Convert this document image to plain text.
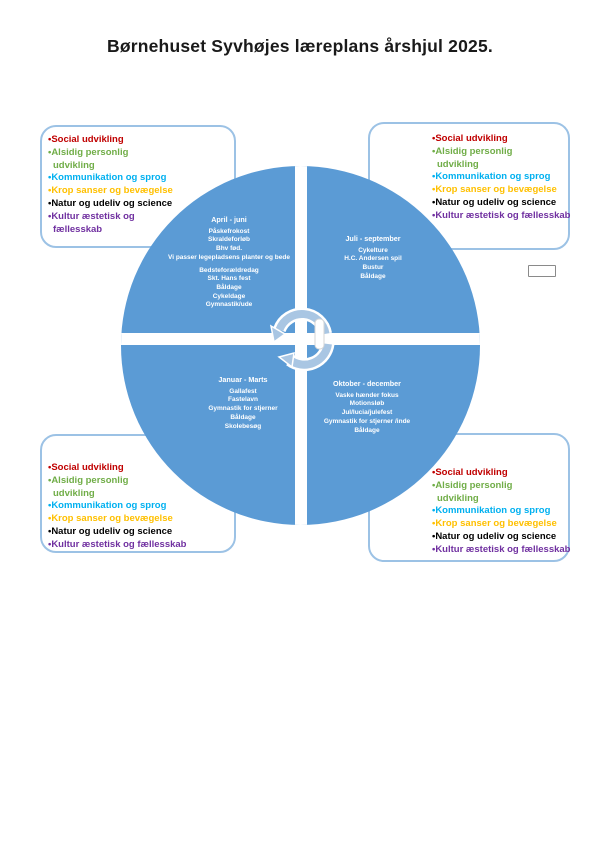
Børnehuset Syvhøjes læreplans årshjul 2025.
•Social udvikling
•Alsidig personlig
udvikling
•Kommunikation og sprog
•Krop sanser og bevægelse
•Natur og udeliv og science
•Kultur æstetisk og
fællesskab
•Social udvikling
•Alsidig personlig
udvikling
•Kommunikation og sprog
•Krop sanser og bevægelse
•Natur og udeliv og science
•Kultur æstetisk og fællesskab
•Social udvikling
•Alsidig personlig
udvikling
•Kommunikation og sprog
•Krop sanser og bevægelse
•Natur og udeliv og science
•Kultur æstetisk og fællesskab
•Social udvikling
•Alsidig personlig
udvikling
•Kommunikation og sprog
•Krop sanser og bevægelse
•Natur og udeliv og science
•Kultur æstetisk og fællesskab
April - juni
Påskefrokost
Skraldeforløb
Bhv fød.
Vi passer legepladsens planter og bede
Bedsteforældredag
Skt. Hans fest
Båldage
Cykeldage
Gymnastik/ude
Juli - september
Cykelture
H.C. Andersen spil
Bustur
Båldage
Januar - Marts
Gallafest
Fastelavn
Gymnastik for stjerner
Båldage
Skolebesøg
Oktober - december
Vaske hænder fokus
Motionsløb
Jul/lucia/julefest
Gymnastik for stjerner /inde
Båldage
